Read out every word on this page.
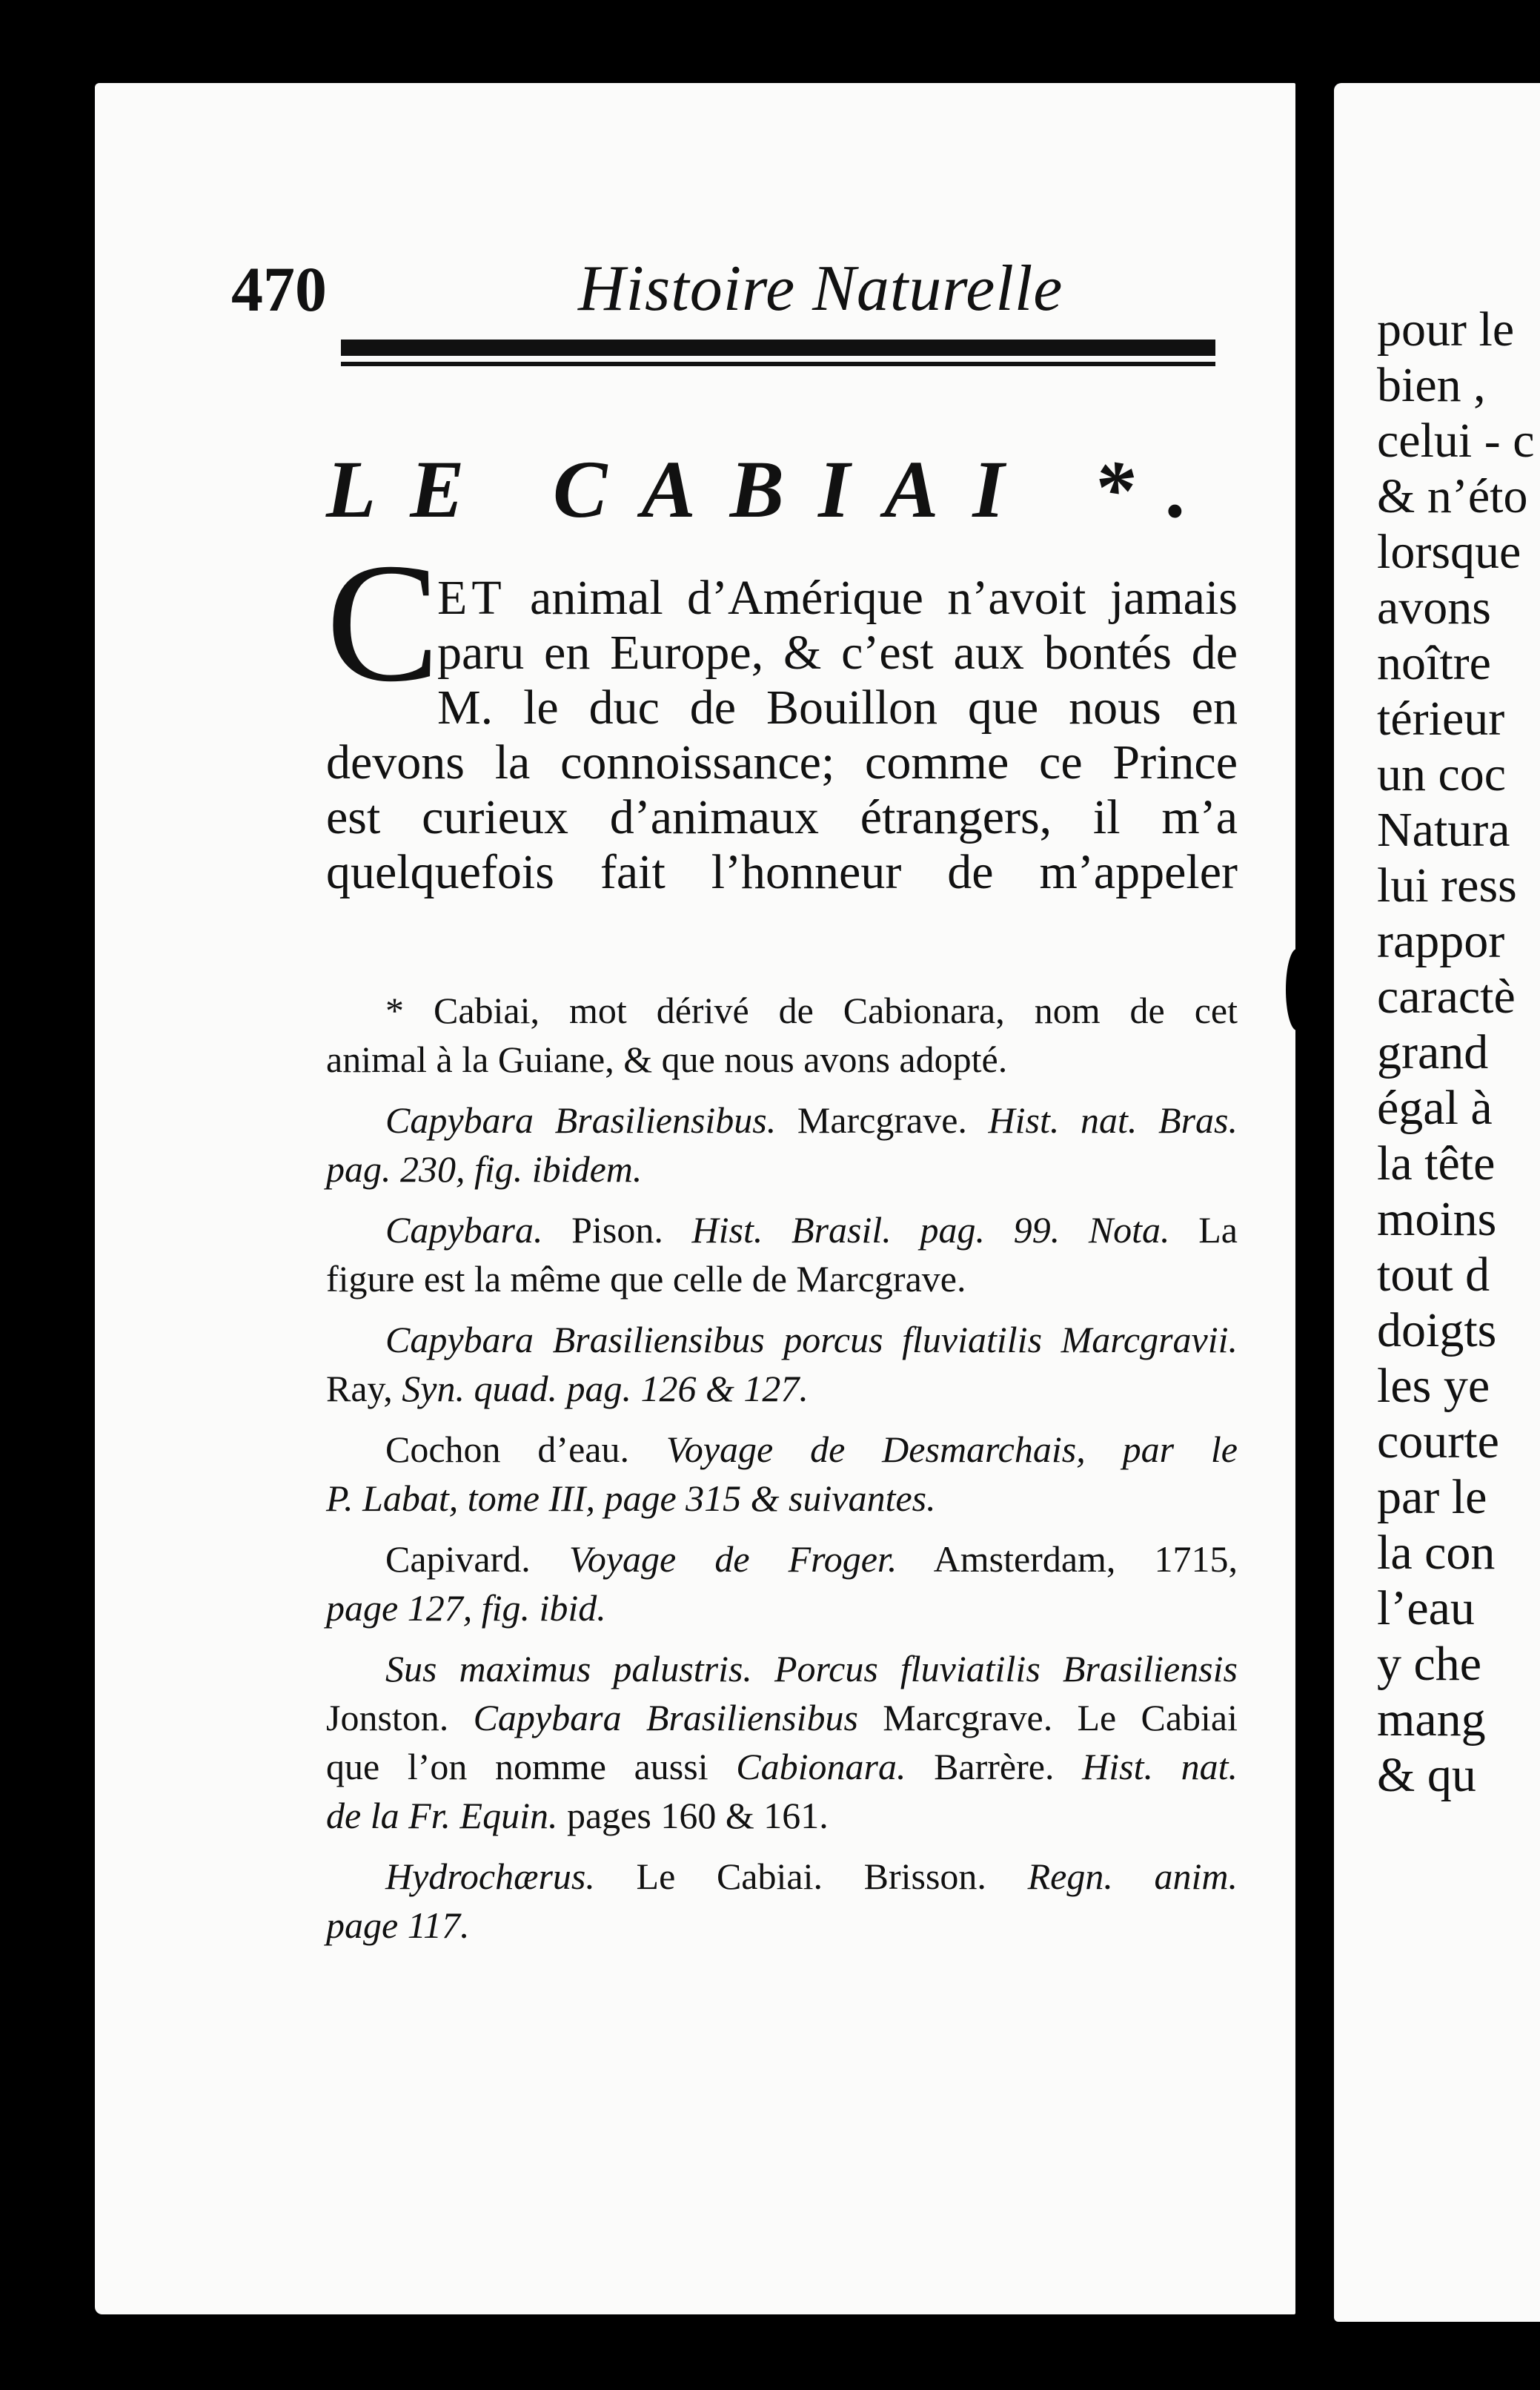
pour le
bien ,
celui - c
& n’éto
lorsque
avons
noître
térieur
un coc
Natura
lui ress
rappor
caractè
grand
égal à
la tête
moins
tout d
doigts
les ye
courte
par le
la con
l’eau
y che
mang
& qu
470	Histoire Naturelle
LE CABIAI *.
C
ET animal d’Amérique n’avoit jamais
paru en Europe, & c’est aux bontés de
M. le duc de Bouillon que nous en
devons la connoissance; comme ce Prince
est curieux d’animaux étrangers, il m’a
quelquefois fait l’honneur de m’appeler
* Cabiai, mot dérivé de Cabionara, nom de cet
animal à la Guiane, & que nous avons adopté.
Capybara Brasiliensibus. Marcgrave. Hist. nat. Bras.
pag. 230, fig. ibidem.
Capybara. Pison. Hist. Brasil. pag. 99. Nota. La
figure est la même que celle de Marcgrave.
Capybara Brasiliensibus porcus fluviatilis Marcgravii.
Ray, Syn. quad. pag. 126 & 127.
Cochon d’eau. Voyage de Desmarchais, par le
P. Labat, tome III, page 315 & suivantes.
Capivard. Voyage de Froger. Amsterdam, 1715,
page 127, fig. ibid.
Sus maximus palustris. Porcus fluviatilis Brasiliensis
Jonston. Capybara Brasiliensibus Marcgrave. Le Cabiai
que l’on nomme aussi Cabionara. Barrère. Hist. nat.
de la Fr. Equin. pages 160 & 161.
Hydrochærus. Le Cabiai. Brisson. Regn. anim.
page 117.
